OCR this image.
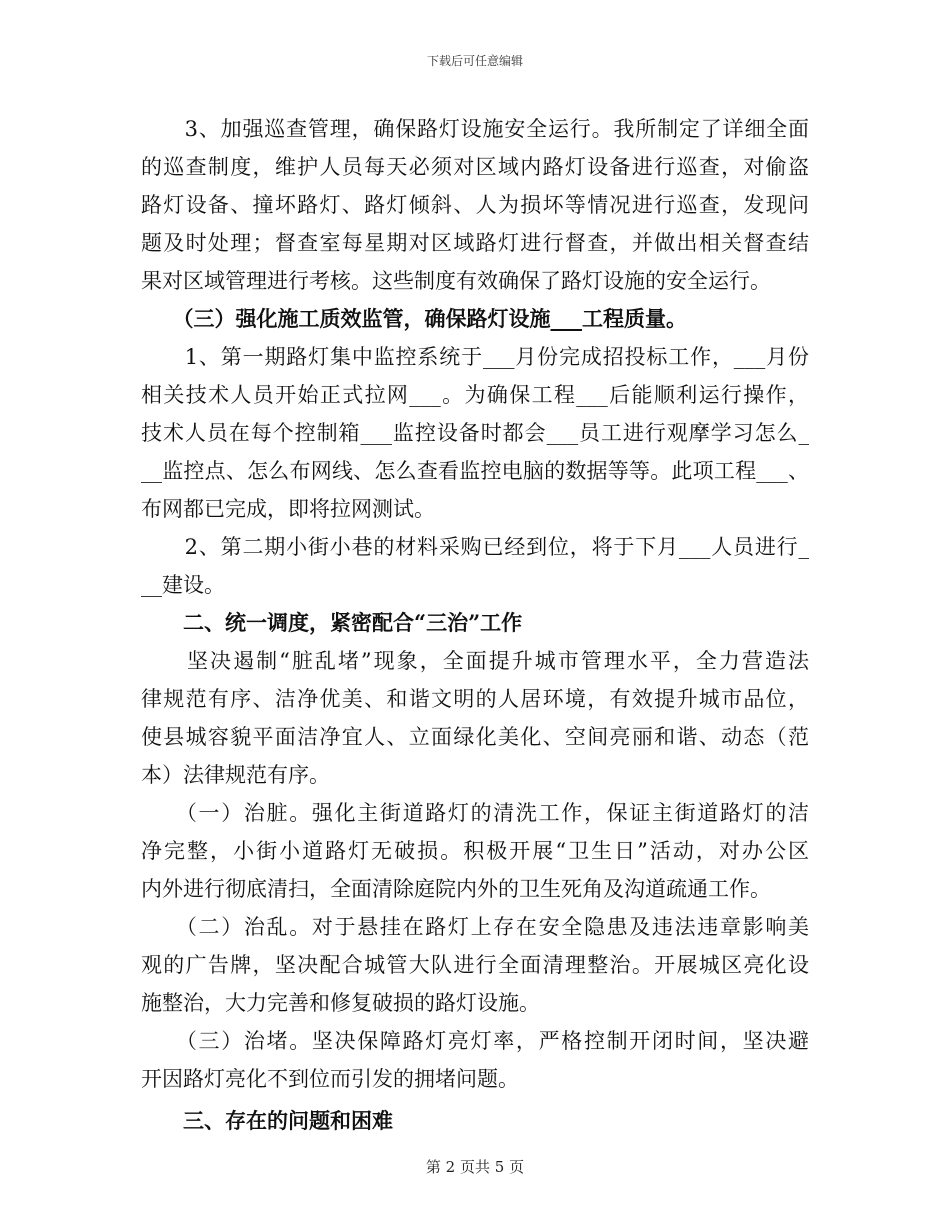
下载后可任意编辑
　　3、加强巡查管理，确保路灯设施安全运行。我所制定了详细全面
的巡查制度，维护人员每天必须对区域内路灯设备进行巡查，对偷盗
路灯设备、撞坏路灯、路灯倾斜、人为损坏等情况进行巡查，发现问
题及时处理；督查室每星期对区域路灯进行督查，并做出相关督查结
果对区域管理进行考核。这些制度有效确保了路灯设施的安全运行。
　　（三）强化施工质效监管，确保路灯设施___工程质量。
　　1、第一期路灯集中监控系统于___月份完成招投标工作，___月份
相关技术人员开始正式拉网___。为确保工程___后能顺利运行操作，
技术人员在每个控制箱___监控设备时都会___员工进行观摩学习怎么_
__监控点、怎么布网线、怎么查看监控电脑的数据等等。此项工程___、
布网都已完成，即将拉网测试。
　　2、第二期小街小巷的材料采购已经到位，将于下月___人员进行_
__建设。
　　二、统一调度，紧密配合“三治”工作
　　坚决遏制“脏乱堵”现象，全面提升城市管理水平，全力营造法
律规范有序、洁净优美、和谐文明的人居环境，有效提升城市品位，
使县城容貌平面洁净宜人、立面绿化美化、空间亮丽和谐、动态（范
本）法律规范有序。
　　（一）治脏。强化主街道路灯的清洗工作，保证主街道路灯的洁
净完整，小街小道路灯无破损。积极开展“卫生日”活动，对办公区
内外进行彻底清扫，全面清除庭院内外的卫生死角及沟道疏通工作。
　　（二）治乱。对于悬挂在路灯上存在安全隐患及违法违章影响美
观的广告牌，坚决配合城管大队进行全面清理整治。开展城区亮化设
施整治，大力完善和修复破损的路灯设施。
　　（三）治堵。坚决保障路灯亮灯率，严格控制开闭时间，坚决避
开因路灯亮化不到位而引发的拥堵问题。
　　三、存在的问题和困难
第 2 页共 5 页
